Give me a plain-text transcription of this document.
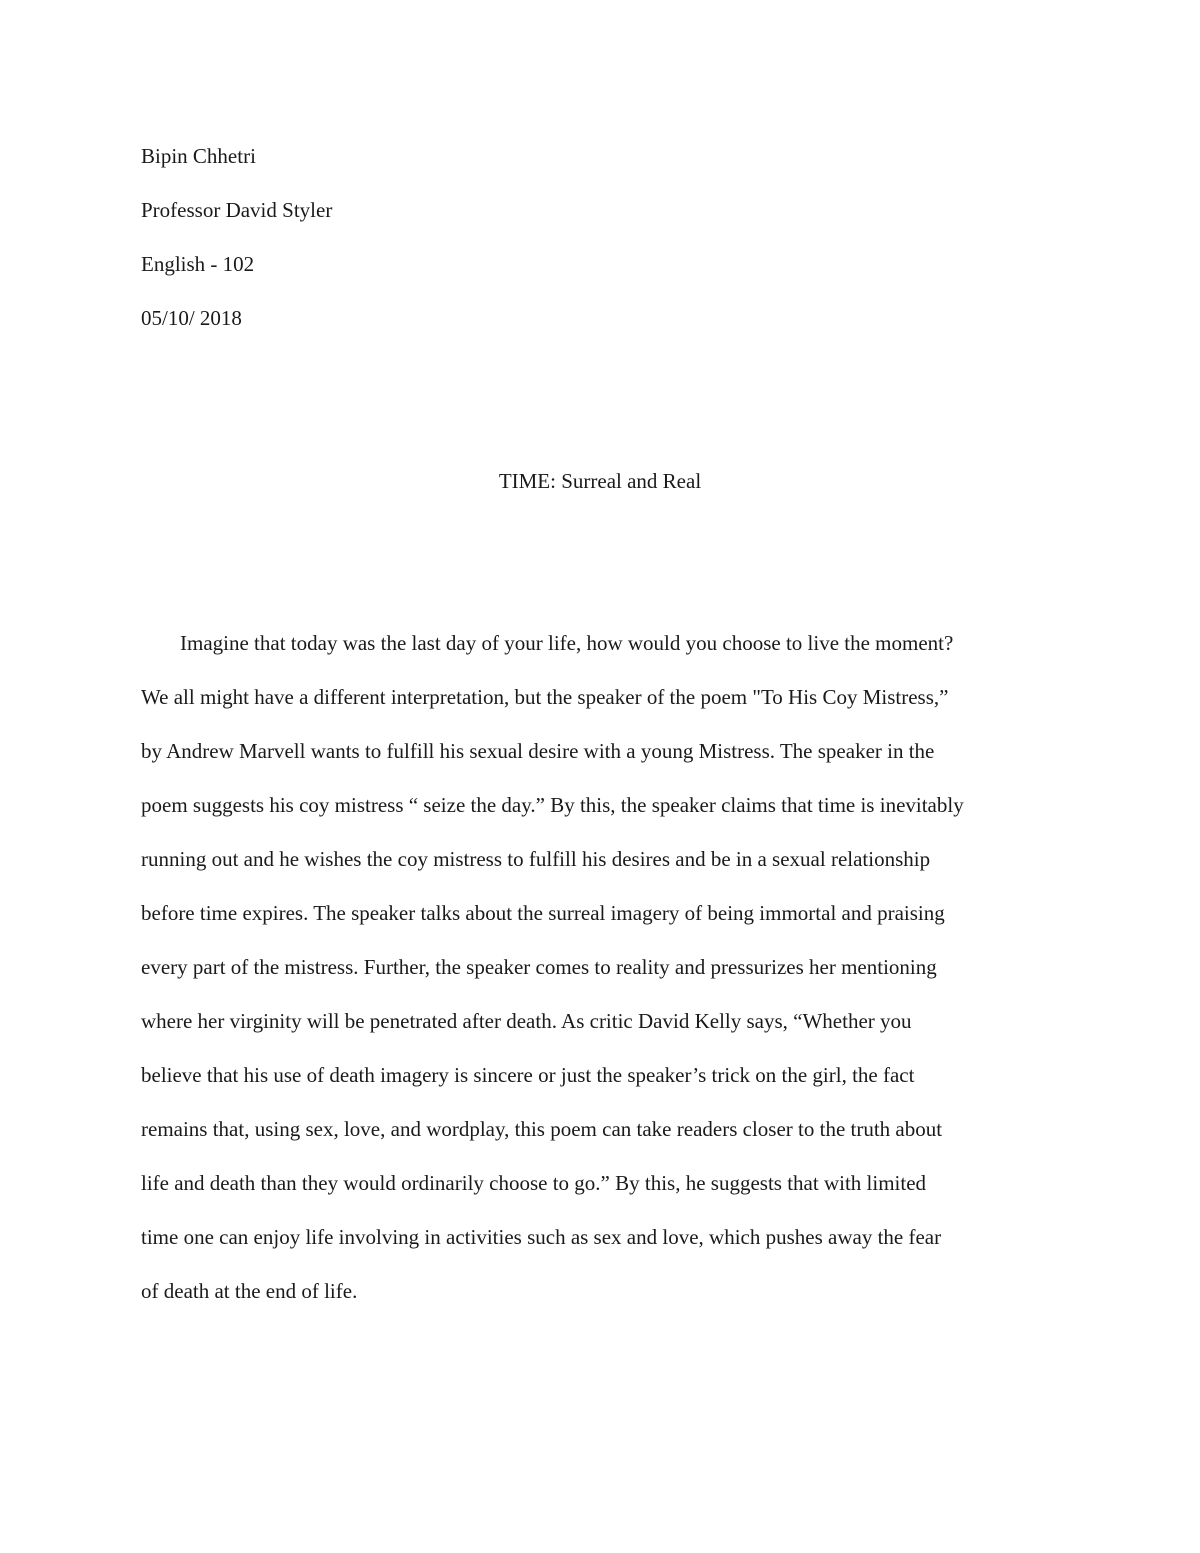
Bipin Chhetri
Professor David Styler
English - 102
05/10/ 2018
TIME: Surreal and Real
Imagine that today was the last day of your life, how would you choose to live the moment?
We all might have a different interpretation, but the speaker of the poem "To His Coy Mistress,”
by Andrew Marvell wants to fulfill his sexual desire with a young Mistress. The speaker in the
poem suggests his coy mistress “ seize the day.” By this, the speaker claims that time is inevitably
running out and he wishes the coy mistress to fulfill his desires and be in a sexual relationship
before time expires. The speaker talks about the surreal imagery of being immortal and praising
every part of the mistress. Further, the speaker comes to reality and pressurizes her mentioning
where her virginity will be penetrated after death. As critic David Kelly says, “Whether you
believe that his use of death imagery is sincere or just the speaker’s trick on the girl, the fact
remains that, using sex, love, and wordplay, this poem can take readers closer to the truth about
life and death than they would ordinarily choose to go.” By this, he suggests that with limited
time one can enjoy life involving in activities such as sex and love, which pushes away the fear
of death at the end of life.
